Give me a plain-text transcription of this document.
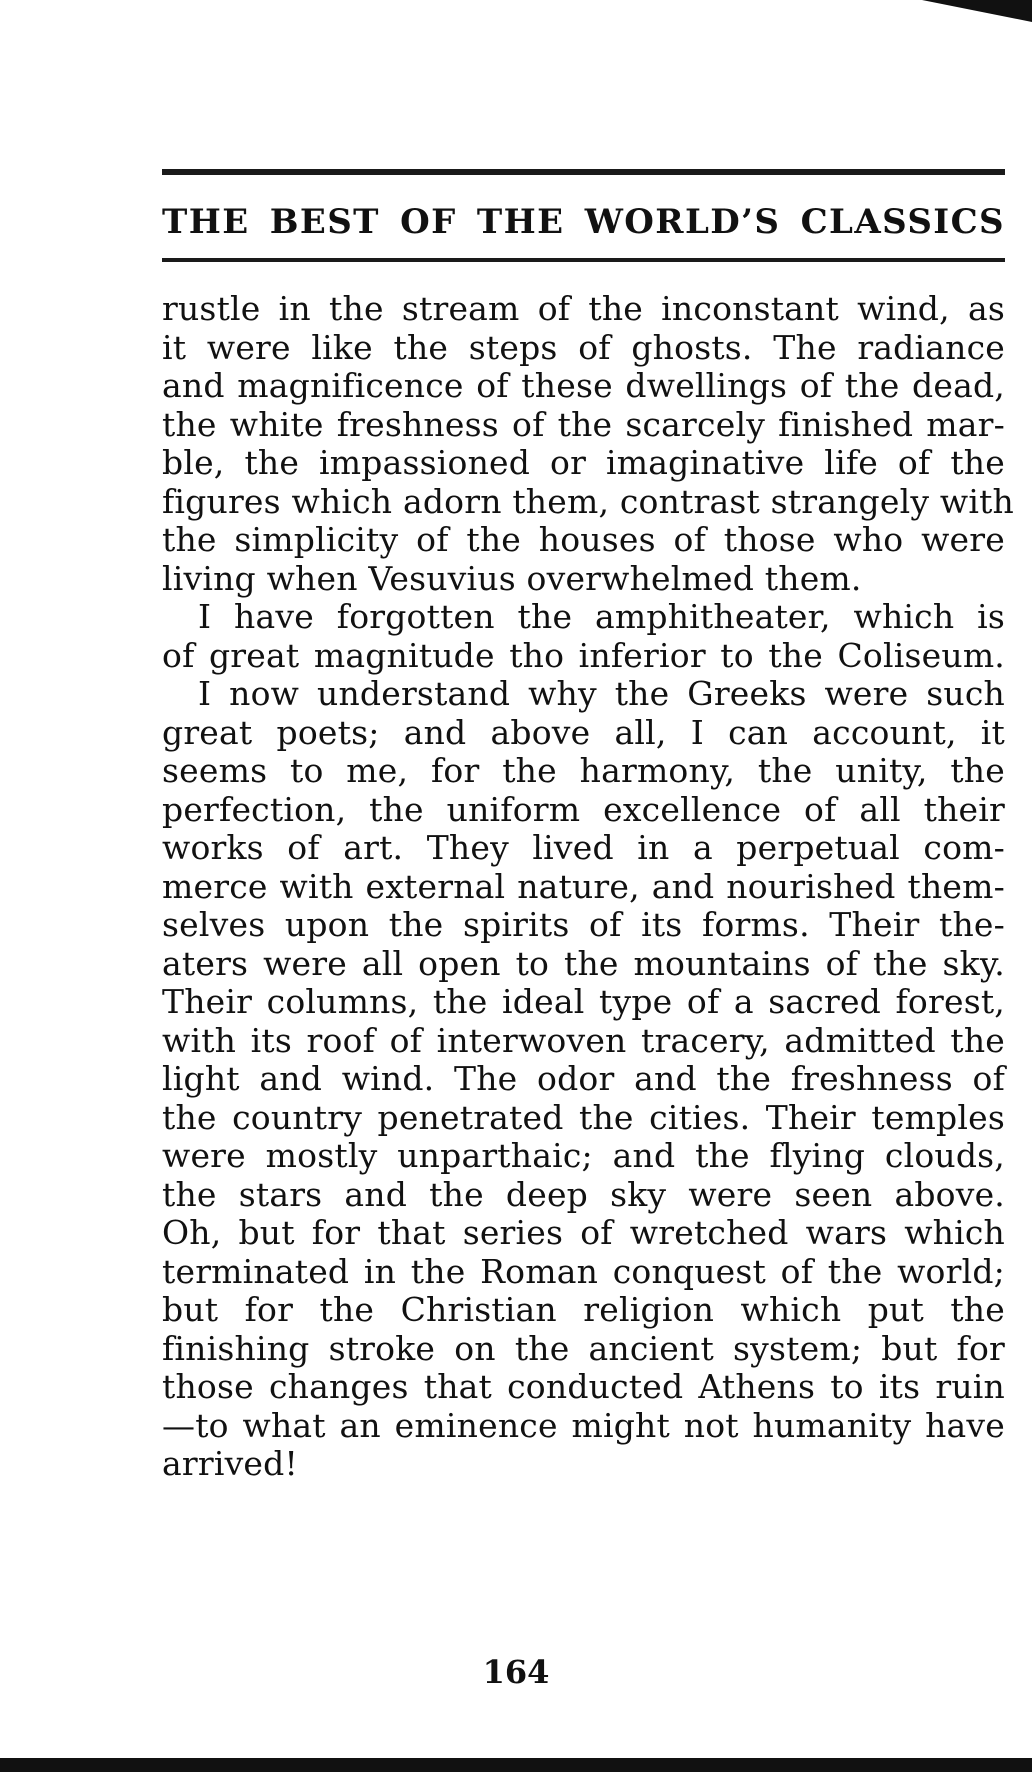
THE BEST OF THE WORLD’S CLASSICS
rustle in the stream of the inconstant wind, as
it were like the steps of ghosts. The radiance
and magnificence of these dwellings of the dead,
the white freshness of the scarcely finished mar-
ble, the impassioned or imaginative life of the
figures which adorn them, contrast strangely with
the simplicity of the houses of those who were
living when Vesuvius overwhelmed them.
I have forgotten the amphitheater, which is
of great magnitude tho inferior to the Coliseum.
I now understand why the Greeks were such
great poets; and above all, I can account, it
seems to me, for the harmony, the unity, the
perfection, the uniform excellence of all their
works of art. They lived in a perpetual com-
merce with external nature, and nourished them-
selves upon the spirits of its forms. Their the-
aters were all open to the mountains of the sky.
Their columns, the ideal type of a sacred forest,
with its roof of interwoven tracery, admitted the
light and wind. The odor and the freshness of
the country penetrated the cities. Their temples
were mostly unparthaic; and the flying clouds,
the stars and the deep sky were seen above.
Oh, but for that series of wretched wars which
terminated in the Roman conquest of the world;
but for the Christian religion which put the
finishing stroke on the ancient system; but for
those changes that conducted Athens to its ruin
—to what an eminence might not humanity have
arrived!
164
